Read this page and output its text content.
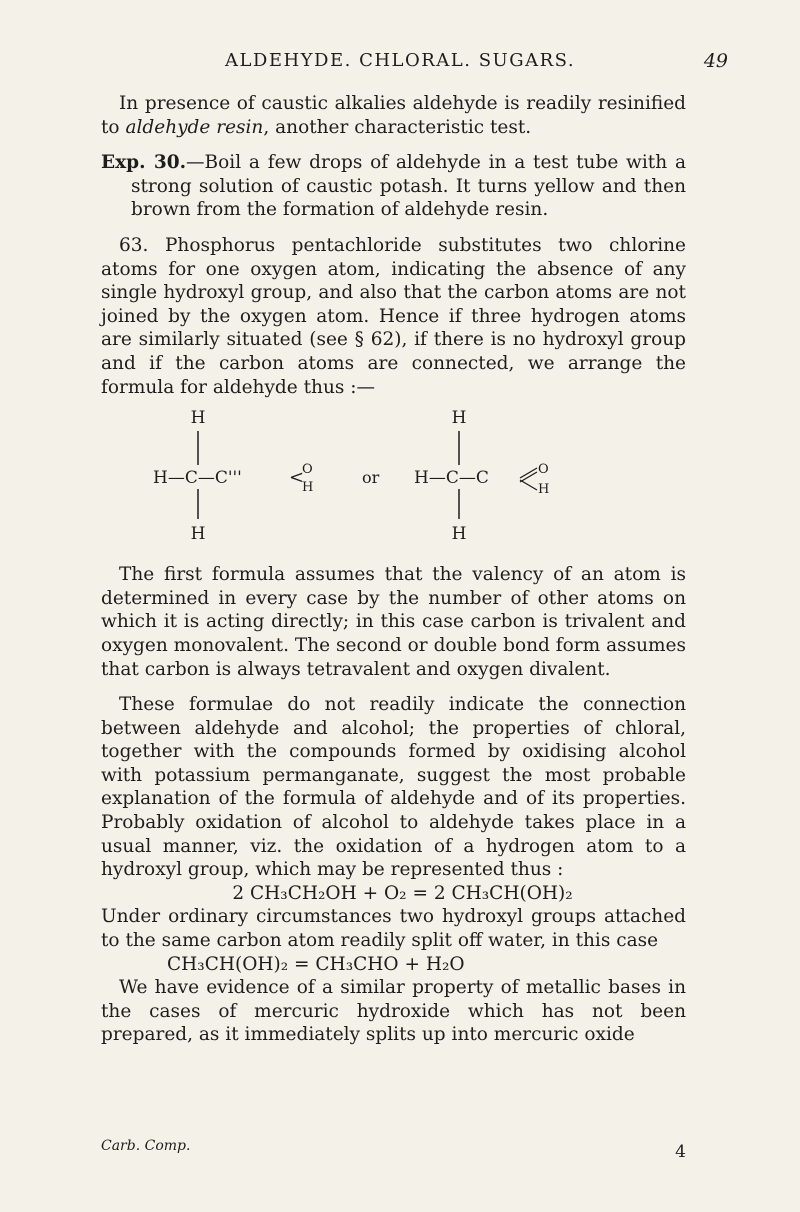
ALDEHYDE. CHLORAL. SUGARS.	49

In presence of caustic alkalies aldehyde is readily resinified to aldehyde resin, another characteristic test.

Exp. 30.—Boil a few drops of aldehyde in a test tube with a strong solution of caustic potash. It turns yellow and then brown from the formation of aldehyde resin.

63. Phosphorus pentachloride substitutes two chlorine atoms for one oxygen atom, indicating the absence of any single hydroxyl group, and also that the carbon atoms are not joined by the oxygen atom. Hence if three hydrogen atoms are similarly situated (see § 62), if there is no hydroxyl group and if the carbon atoms are connected, we arrange the formula for aldehyde thus :—

H
H—C—C'''	<
O
H
H
or
H
H—C—C	O
H
H

The first formula assumes that the valency of an atom is determined in every case by the number of other atoms on which it is acting directly; in this case carbon is trivalent and oxygen monovalent. The second or double bond form assumes that carbon is always tetravalent and oxygen divalent.

These formulae do not readily indicate the connection between aldehyde and alcohol; the properties of chloral, together with the compounds formed by oxidising alcohol with potassium permanganate, suggest the most probable explanation of the formula of aldehyde and of its properties. Probably oxidation of alcohol to aldehyde takes place in a usual manner, viz. the oxidation of a hydrogen atom to a hydroxyl group, which may be represented thus :

2 CH₃CH₂OH + O₂ = 2 CH₃CH(OH)₂

Under ordinary circumstances two hydroxyl groups attached to the same carbon atom readily split off water, in this case

CH₃CH(OH)₂ = CH₃CHO + H₂O

We have evidence of a similar property of metallic bases in the cases of mercuric hydroxide which has not been prepared, as it immediately splits up into mercuric oxide

Carb. Comp.	4
